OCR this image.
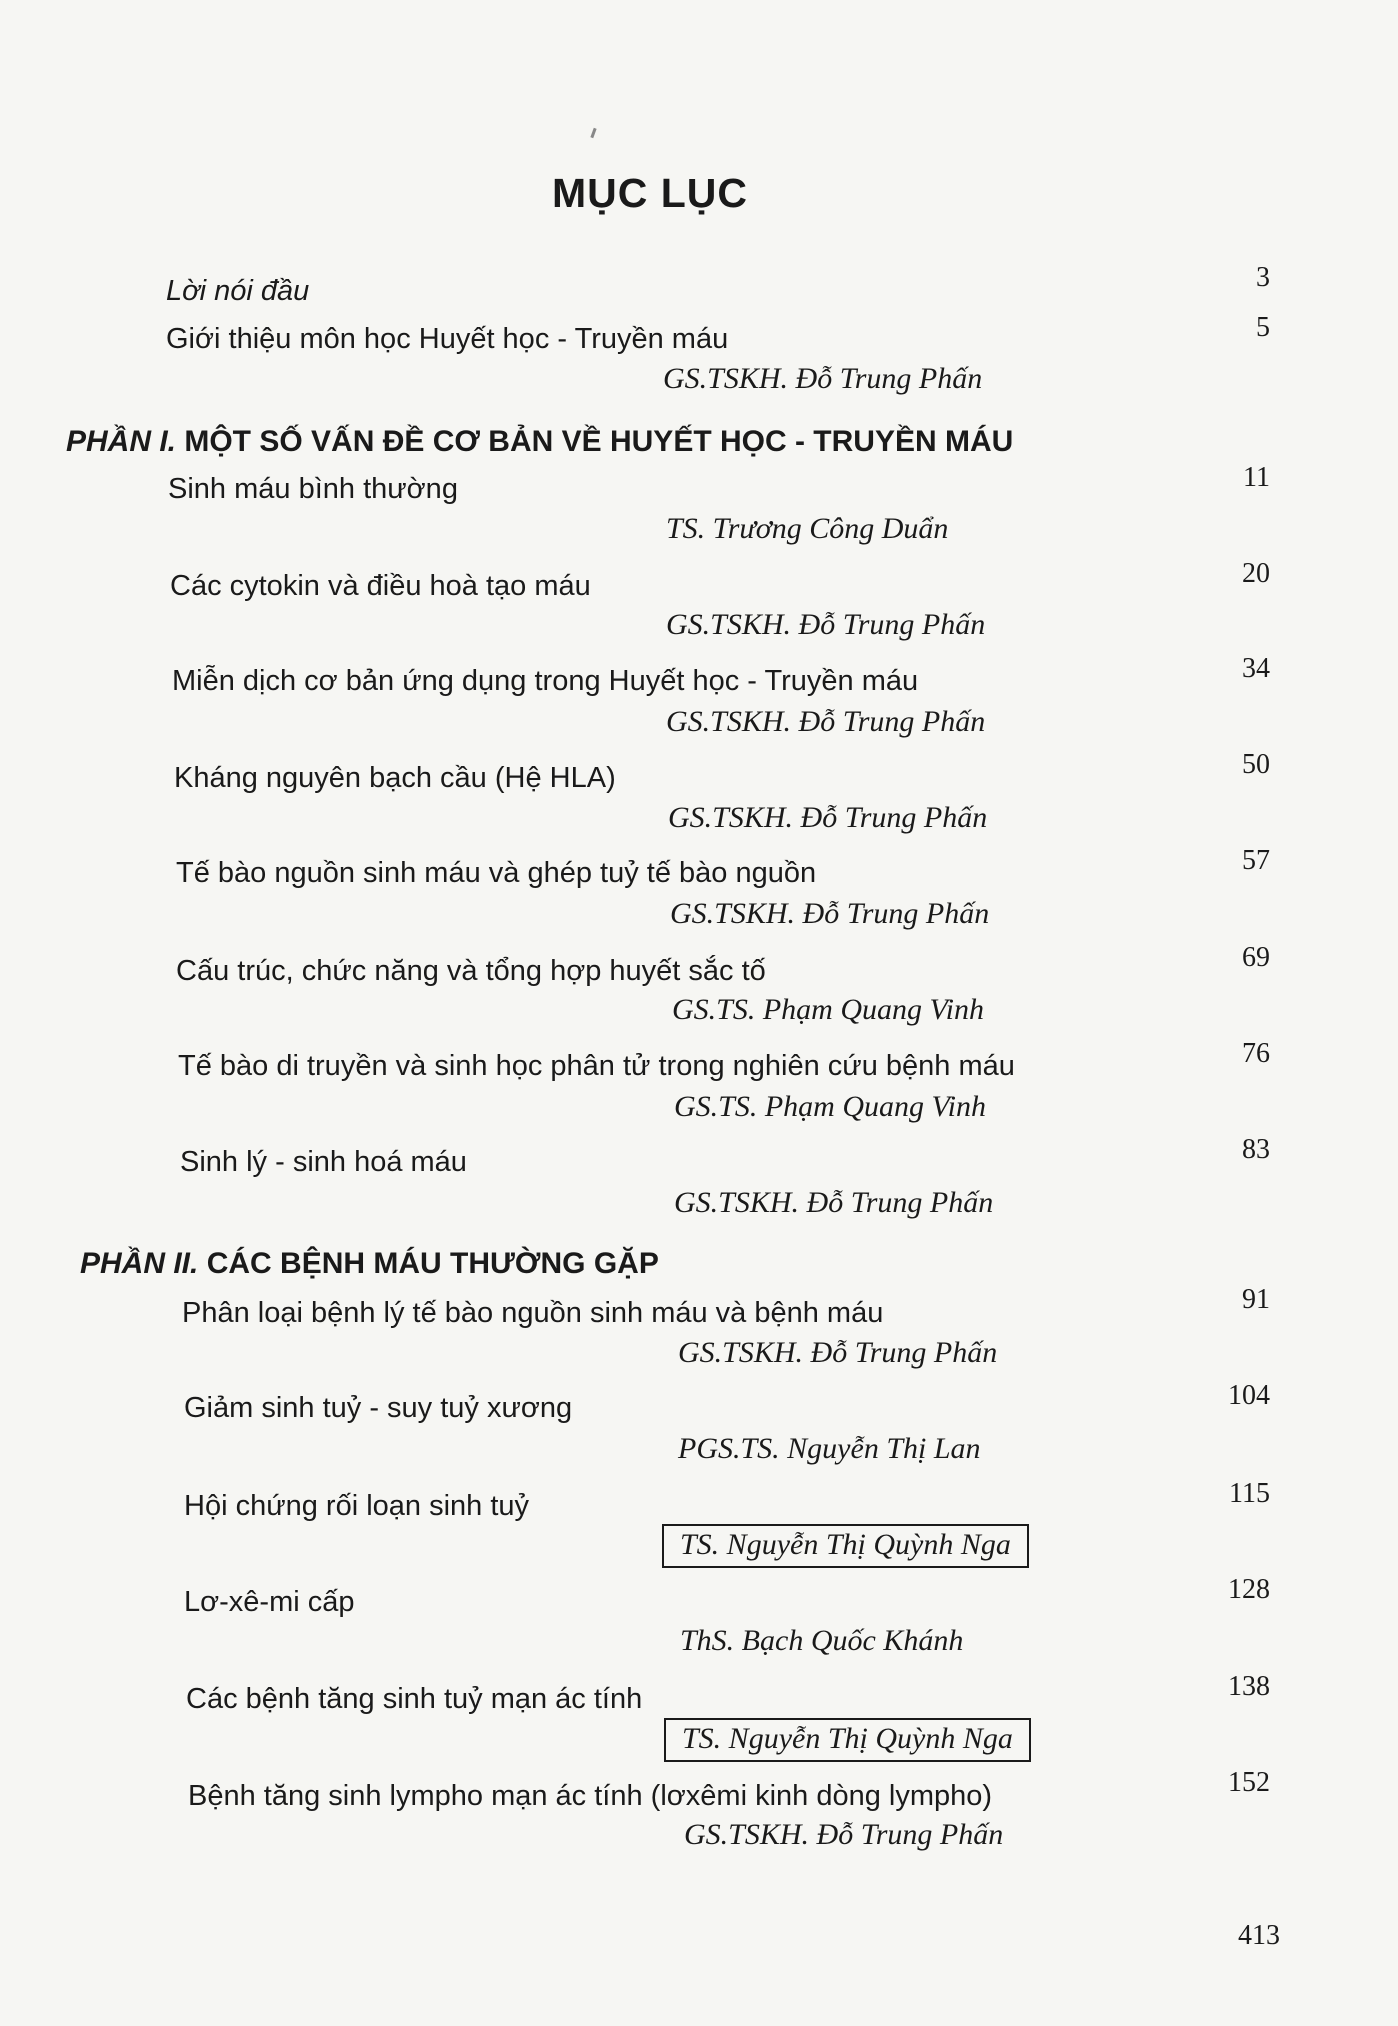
MỤC LỤC
Lời nói đầu	3
Giới thiệu môn học Huyết học - Truyền máu	5
GS.TSKH. Đỗ Trung Phấn
PHẦN I. MỘT SỐ VẤN ĐỀ CƠ BẢN VỀ HUYẾT HỌC - TRUYỀN MÁU
Sinh máu bình thường	11
TS. Trương Công Duẩn
Các cytokin và điều hoà tạo máu	20
GS.TSKH. Đỗ Trung Phấn
Miễn dịch cơ bản ứng dụng trong Huyết học - Truyền máu	34
GS.TSKH. Đỗ Trung Phấn
Kháng nguyên bạch cầu (Hệ HLA)	50
GS.TSKH. Đỗ Trung Phấn
Tế bào nguồn sinh máu và ghép tuỷ tế bào nguồn	57
GS.TSKH. Đỗ Trung Phấn
Cấu trúc, chức năng và tổng hợp huyết sắc tố	69
GS.TS. Phạm Quang Vinh
Tế bào di truyền và sinh học phân tử trong nghiên cứu bệnh máu	76
GS.TS. Phạm Quang Vinh
Sinh lý - sinh hoá máu	83
GS.TSKH. Đỗ Trung Phấn
PHẦN II. CÁC BỆNH MÁU THƯỜNG GẶP
Phân loại bệnh lý tế bào nguồn sinh máu và bệnh máu	91
GS.TSKH. Đỗ Trung Phấn
Giảm sinh tuỷ - suy tuỷ xương	104
PGS.TS. Nguyễn Thị Lan
Hội chứng rối loạn sinh tuỷ	115
TS. Nguyễn Thị Quỳnh Nga
Lơ-xê-mi cấp	128
ThS. Bạch Quốc Khánh
Các bệnh tăng sinh tuỷ mạn ác tính	138
TS. Nguyễn Thị Quỳnh Nga
Bệnh tăng sinh lympho mạn ác tính (lơxêmi kinh dòng lympho)	152
GS.TSKH. Đỗ Trung Phấn
413
